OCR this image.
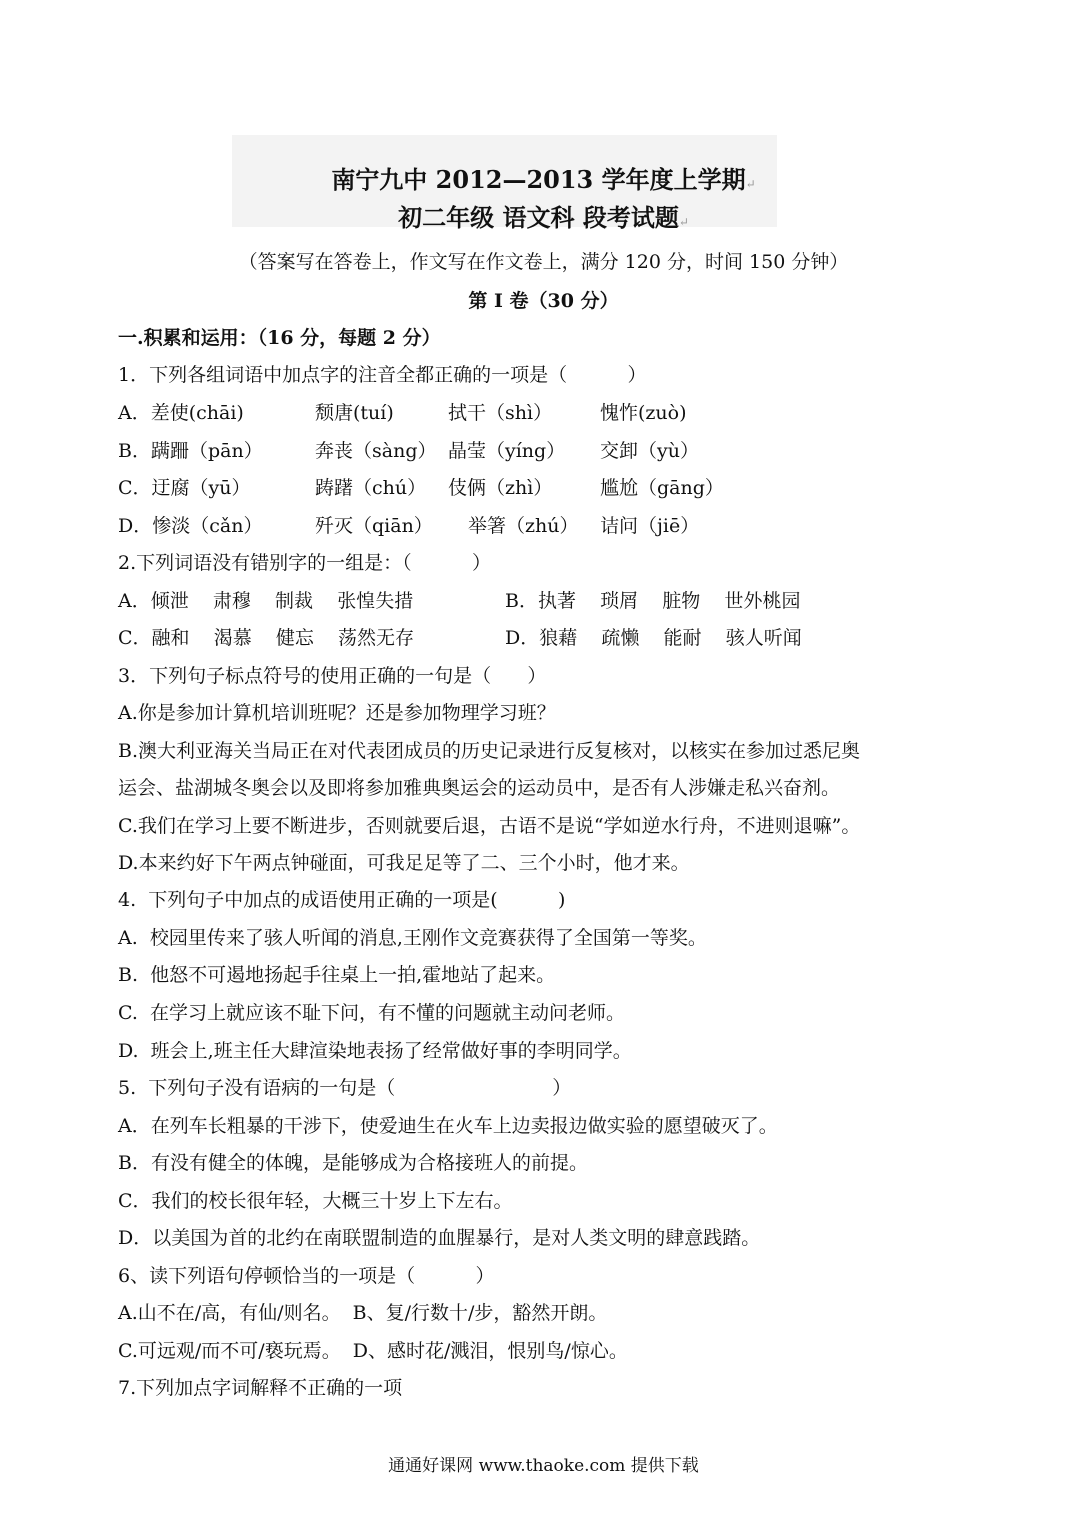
南宁九中 2012—2013 学年度上学期↵
初二年级 语文科 段考试题↵
（答案写在答卷上，作文写在作文卷上，满分 120 分，时间 150 分钟）
第 I 卷（30 分）
一.积累和运用：（16 分，每题 2 分）
1．下列各组词语中加点字的注音全都正确的一项是（          ）
A．差使(chāi)	颓唐(tuí)	拭干（shì）	愧怍(zuò)
B．蹒跚（pān）	奔丧（sàng） 晶莹（yíng） 交卸（yù）
C．迂腐（yū）	踌躇（chú） 伎俩（zhì）	尴尬（gāng）
D．惨淡（cǎn）	歼灭（qiān） 举箸（zhú） 诘问（jiē）
2.下列词语没有错别字的一组是：（          ）
A．倾泄    肃穆    制裁    张惶失措	B．执著    琐屑    脏物    世外桃园
C．融和    渴慕    健忘    荡然无存	D．狼藉    疏懒    能耐    骇人听闻
3．下列句子标点符号的使用正确的一句是（      ）
A.你是参加计算机培训班呢？还是参加物理学习班？
B.澳大利亚海关当局正在对代表团成员的历史记录进行反复核对，以核实在参加过悉尼奥
运会、盐湖城冬奥会以及即将参加雅典奥运会的运动员中，是否有人涉嫌走私兴奋剂。
C.我们在学习上要不断进步，否则就要后退，古语不是说“学如逆水行舟，不进则退嘛”。
D.本来约好下午两点钟碰面，可我足足等了二、三个小时，他才来。
4.  下列句子中加点的成语使用正确的一项是(          )
A.  校园里传来了骇人听闻的消息,王刚作文竞赛获得了全国第一等奖。
B.  他怒不可遏地扬起手往桌上一拍,霍地站了起来。
C.  在学习上就应该不耻下问，有不懂的问题就主动问老师。
D.  班会上,班主任大肆渲染地表扬了经常做好事的李明同学。
5.  下列句子没有语病的一句是（                          ）
A．在列车长粗暴的干涉下，使爱迪生在火车上边卖报边做实验的愿望破灭了。
B．有没有健全的体魄，是能够成为合格接班人的前提。
C．我们的校长很年轻，大概三十岁上下左右。
D．以美国为首的北约在南联盟制造的血腥暴行，是对人类文明的肆意践踏。
6、读下列语句停顿恰当的一项是（          ）
A.山不在/高，有仙/则名。  B、复/行数十/步，豁然开朗。
C.可远观/而不可/亵玩焉。  D、感时花/溅泪，恨别鸟/惊心。
7.下列加点字词解释不正确的一项
通通好课网 www.thaoke.com 提供下载
